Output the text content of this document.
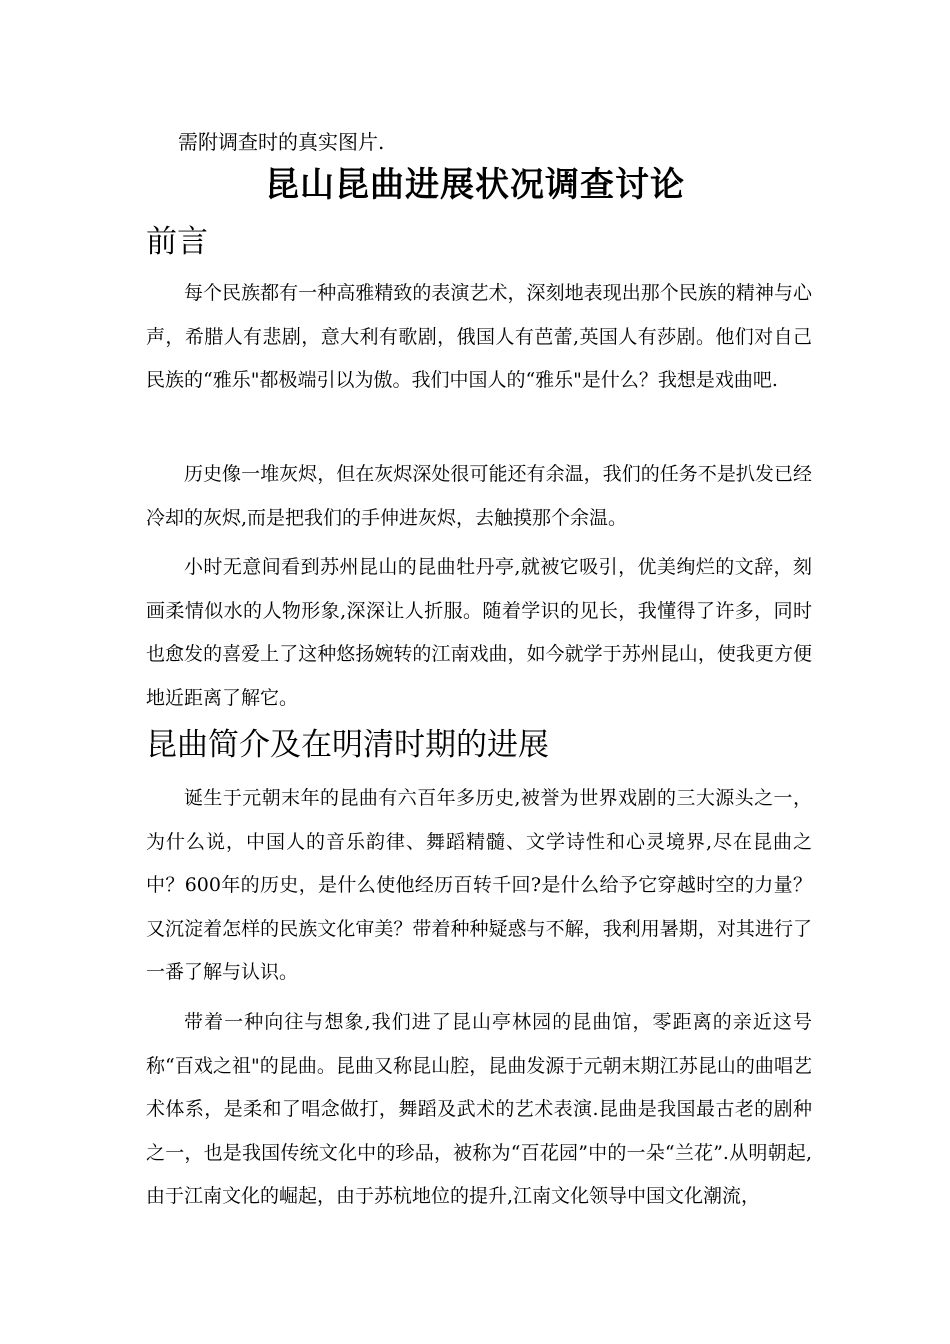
需附调查时的真实图片.

昆山昆曲进展状况调查讨论
前言

每个民族都有一种高雅精致的表演艺术，深刻地表现出那个民族的精神与心声，希腊人有悲剧，意大利有歌剧，俄国人有芭蕾,英国人有莎剧。他们对自己民族的“雅乐"都极端引以为傲。我们中国人的“雅乐"是什么？我想是戏曲吧.

历史像一堆灰烬，但在灰烬深处很可能还有余温，我们的任务不是扒发已经冷却的灰烬,而是把我们的手伸进灰烬，去触摸那个余温。

小时无意间看到苏州昆山的昆曲牡丹亭,就被它吸引，优美绚烂的文辞，刻画柔情似水的人物形象,深深让人折服。随着学识的见长，我懂得了许多，同时也愈发的喜爱上了这种悠扬婉转的江南戏曲，如今就学于苏州昆山，使我更方便地近距离了解它。

昆曲简介及在明清时期的进展

诞生于元朝末年的昆曲有六百年多历史,被誉为世界戏剧的三大源头之一，为什么说，中国人的音乐韵律、舞蹈精髓、文学诗性和心灵境界,尽在昆曲之中？600年的历史，是什么使他经历百转千回?是什么给予它穿越时空的力量？又沉淀着怎样的民族文化审美？带着种种疑惑与不解，我利用暑期，对其进行了一番了解与认识。

带着一种向往与想象,我们进了昆山亭林园的昆曲馆，零距离的亲近这号称“百戏之祖"的昆曲。昆曲又称昆山腔，昆曲发源于元朝末期江苏昆山的曲唱艺术体系，是柔和了唱念做打，舞蹈及武术的艺术表演.昆曲是我国最古老的剧种之一，也是我国传统文化中的珍品，被称为“百花园”中的一朵“兰花”.从明朝起,由于江南文化的崛起，由于苏杭地位的提升,江南文化领导中国文化潮流，
